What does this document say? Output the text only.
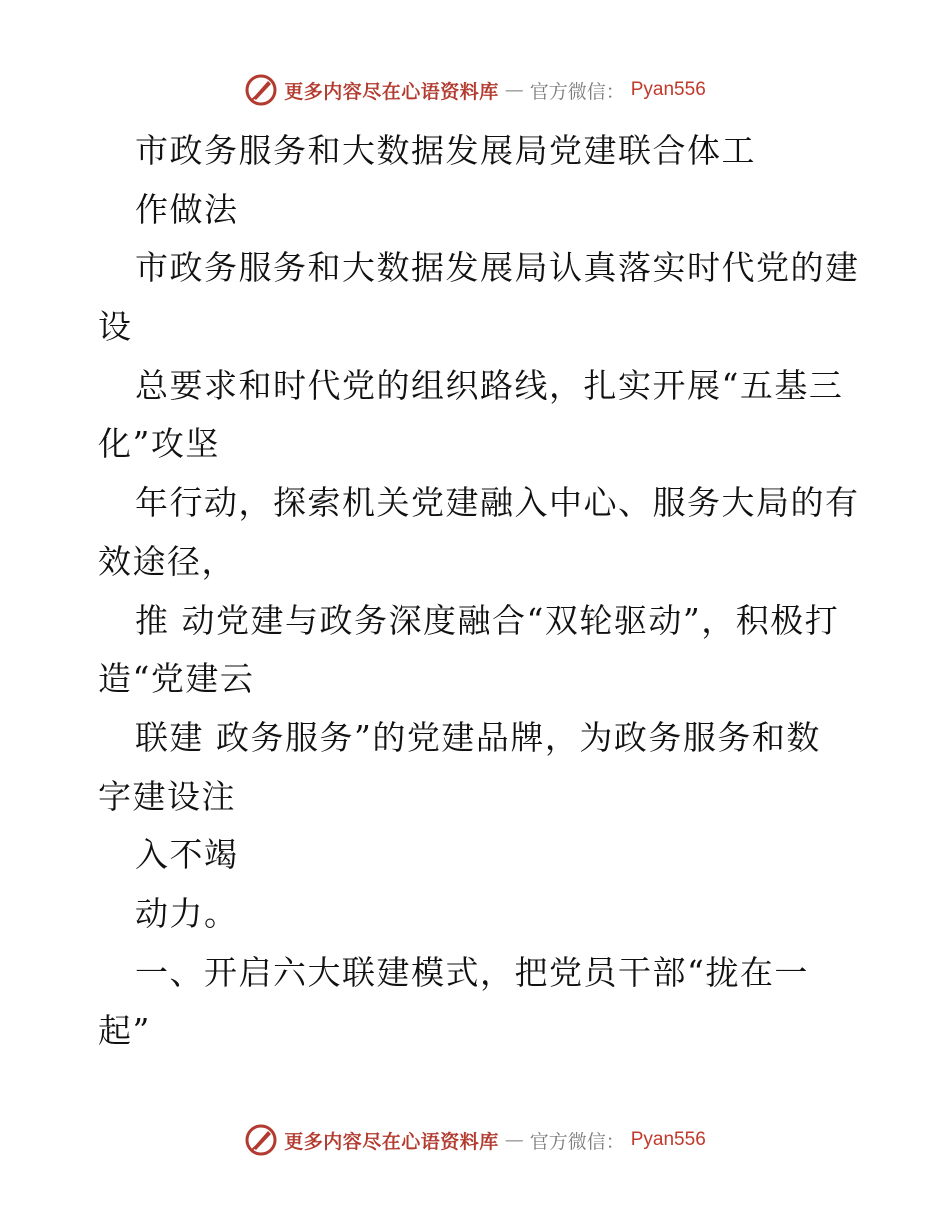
更多内容尽在心语资料库 — 官方微信： Pyan556
市政务服务和大数据发展局党建联合体工
作做法
市政务服务和大数据发展局认真落实时代党的建
设
总要求和时代党的组织路线，扎实开展“五基三
化”攻坚
年行动，探索机关党建融入中心、服务大局的有
效途径，
推 动党建与政务深度融合“双轮驱动”，积极打
造“党建云
联建 政务服务”的党建品牌，为政务服务和数
字建设注
入不竭
动力。
一、开启六大联建模式，把党员干部“拢在一
起”
更多内容尽在心语资料库 — 官方微信： Pyan556
